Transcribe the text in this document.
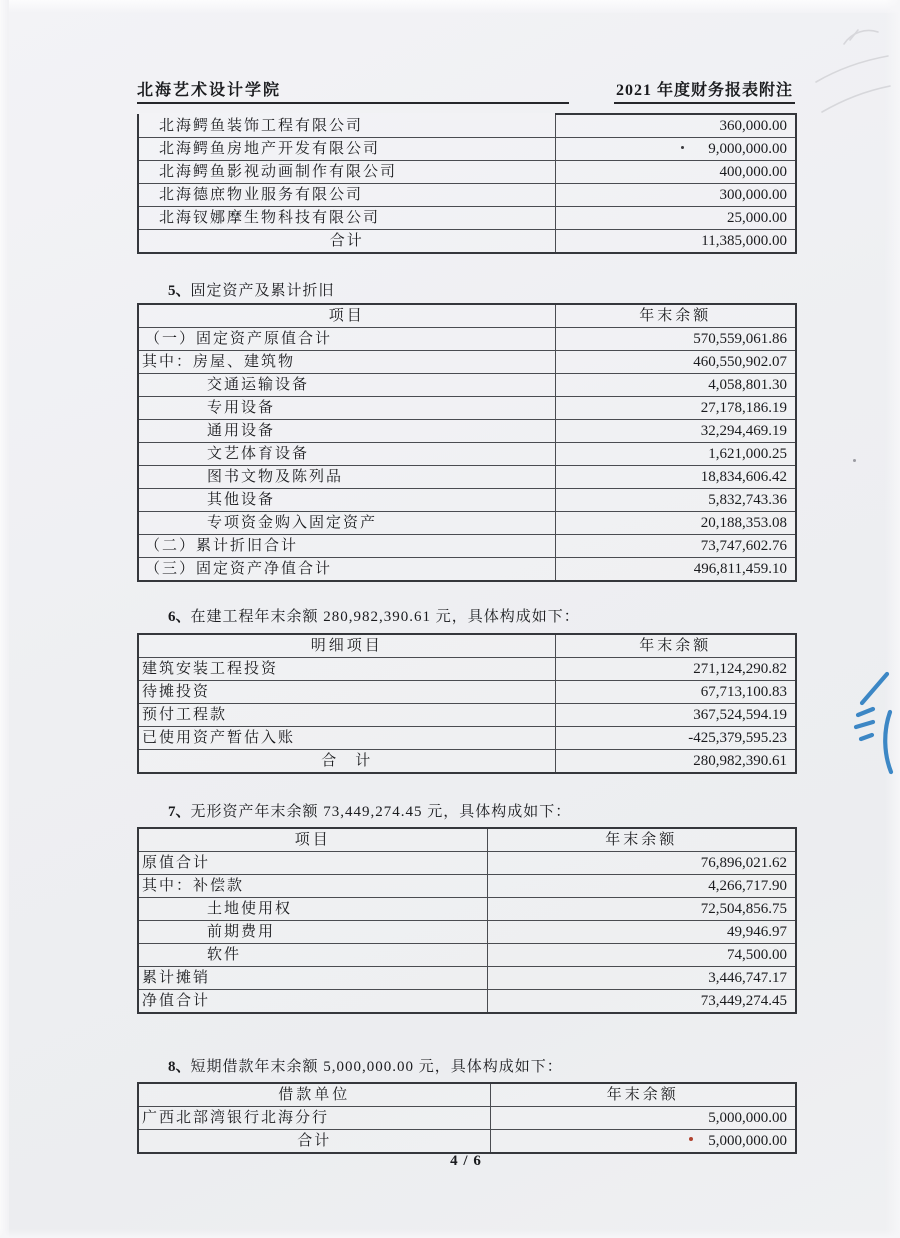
北海艺术设计学院	2021 年度财务报表附注
北海鳄鱼装饰工程有限公司	360,000.00
北海鳄鱼房地产开发有限公司	9,000,000.00
北海鳄鱼影视动画制作有限公司	400,000.00
北海德庶物业服务有限公司	300,000.00
北海钗娜摩生物科技有限公司	25,000.00
合计	11,385,000.00
5、固定资产及累计折旧
项目	年末余额
（一）固定资产原值合计	570,559,061.86
其中：房屋、建筑物	460,550,902.07
交通运输设备	4,058,801.30
专用设备	27,178,186.19
通用设备	32,294,469.19
文艺体育设备	1,621,000.25
图书文物及陈列品	18,834,606.42
其他设备	5,832,743.36
专项资金购入固定资产	20,188,353.08
（二）累计折旧合计	73,747,602.76
（三）固定资产净值合计	496,811,459.10
6、在建工程年末余额 280,982,390.61 元，具体构成如下：
明细项目	年末余额
建筑安装工程投资	271,124,290.82
待摊投资	67,713,100.83
预付工程款	367,524,594.19
已使用资产暂估入账	-425,379,595.23
合　计	280,982,390.61
7、无形资产年末余额 73,449,274.45 元，具体构成如下：
项目	年末余额
原值合计	76,896,021.62
其中：补偿款	4,266,717.90
土地使用权	72,504,856.75
前期费用	49,946.97
软件	74,500.00
累计摊销	3,446,747.17
净值合计	73,449,274.45
8、短期借款年末余额 5,000,000.00 元，具体构成如下：
借款单位	年末余额
广西北部湾银行北海分行	5,000,000.00
合计	5,000,000.00
4 / 6
